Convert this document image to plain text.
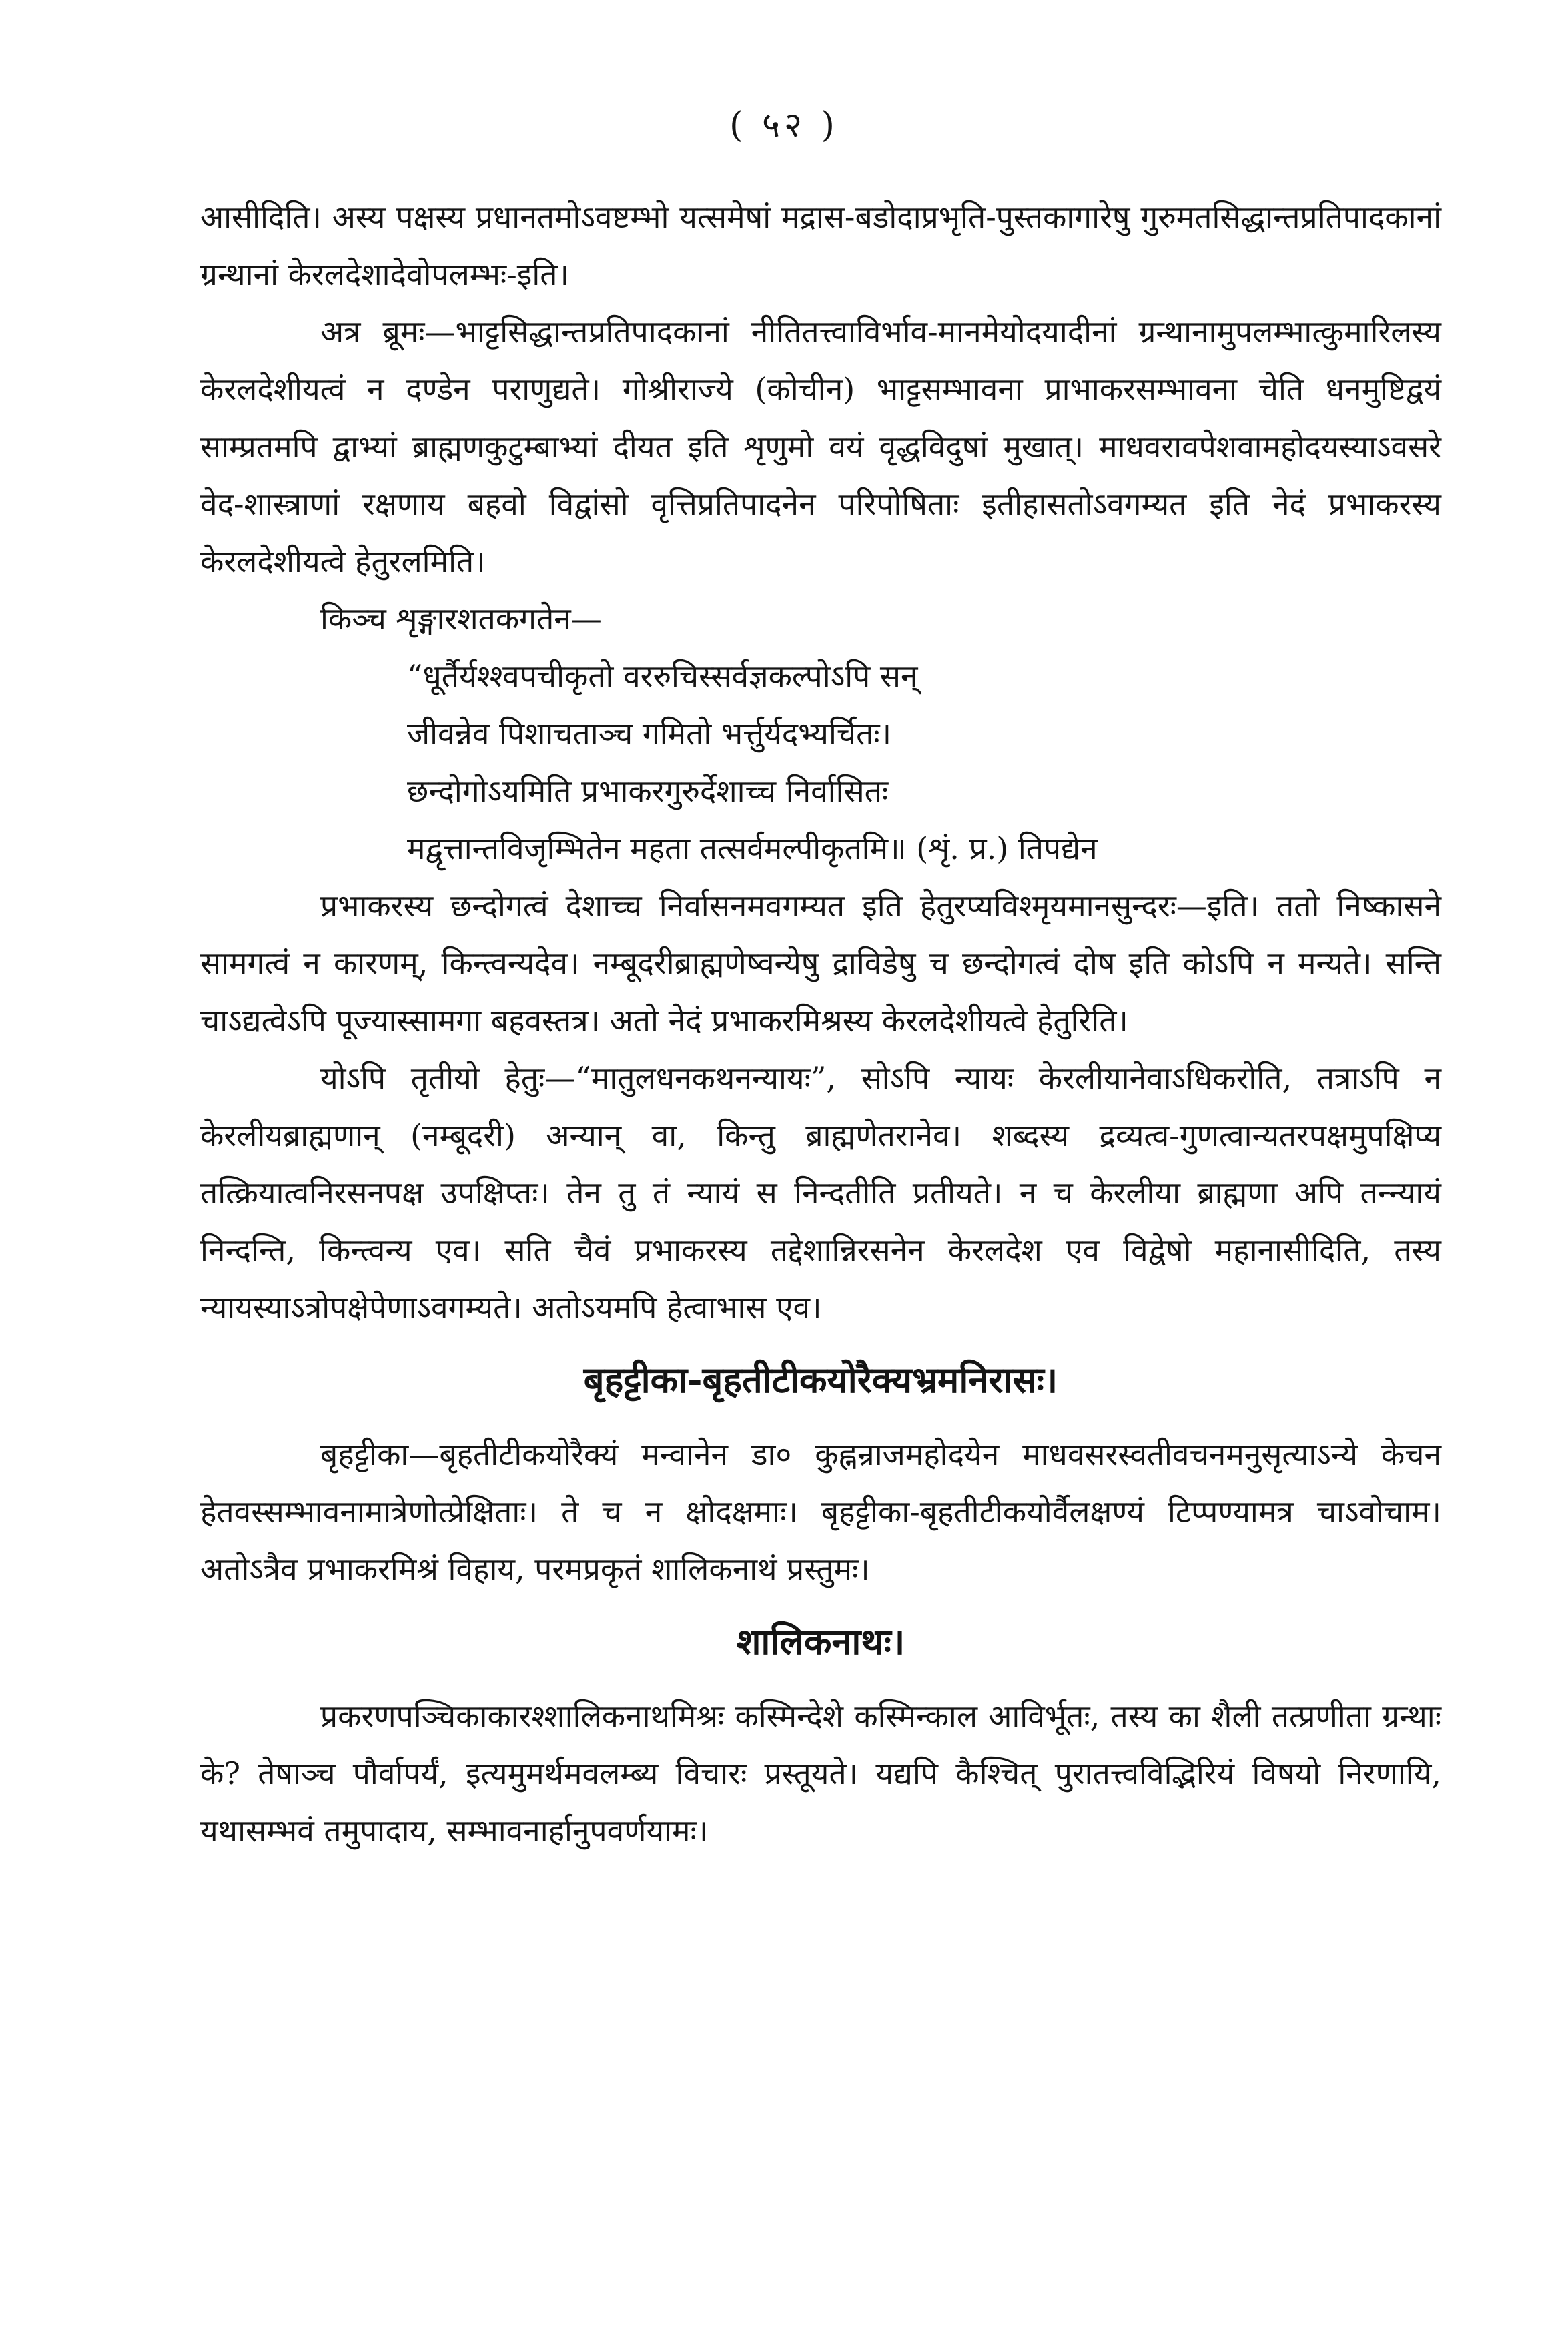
( ५२ )

आसीदिति। अस्य पक्षस्य प्रधानतमोऽवष्टम्भो यत्समेषां मद्रास-बडोदाप्रभृति-पुस्तकागारेषु गुरुमतसिद्धान्तप्रतिपादकानां ग्रन्थानां केरलदेशादेवोपलम्भः-इति।

अत्र ब्रूमः—भाट्टसिद्धान्तप्रतिपादकानां नीतितत्त्वाविर्भाव-मानमेयोदयादीनां ग्रन्थानामुपलम्भात्कुमारिलस्य केरलदेशीयत्वं न दण्डेन पराणुद्यते। गोश्रीराज्ये (कोचीन) भाट्टसम्भावना प्राभाकरसम्भावना चेति धनमुष्टिद्वयं साम्प्रतमपि द्वाभ्यां ब्राह्मणकुटुम्बाभ्यां दीयत इति शृणुमो वयं वृद्धविदुषां मुखात्। माधवरावपेशवामहोदयस्याऽवसरे वेद-शास्त्राणां रक्षणाय बहवो विद्वांसो वृत्तिप्रतिपादनेन परिपोषिताः इतीहासतोऽवगम्यत इति नेदं प्रभाकरस्य केरलदेशीयत्वे हेतुरलमिति।

किञ्च शृङ्गारशतकगतेन—

“धूर्तैर्यश्श्वपचीकृतो वररुचिस्सर्वज्ञकल्पोऽपि सन्

जीवन्नेव पिशाचताञ्च गमितो भर्त्तुर्यदभ्यर्चितः।

छन्दोगोऽयमिति प्रभाकरगुरुर्देशाच्च निर्वासितः

मद्वृत्तान्तविजृम्भितेन महता तत्सर्वमल्पीकृतमि॥ (शृं. प्र.) तिपद्येन

प्रभाकरस्य छन्दोगत्वं देशाच्च निर्वासनमवगम्यत इति हेतुरप्यविश्मृयमानसुन्दरः—इति। ततो निष्कासने सामगत्वं न कारणम्, किन्त्वन्यदेव। नम्बूदरीब्राह्मणेष्वन्येषु द्राविडेषु च छन्दोगत्वं दोष इति कोऽपि न मन्यते। सन्ति चाऽद्यत्वेऽपि पूज्यास्सामगा बहवस्तत्र। अतो नेदं प्रभाकरमिश्रस्य केरलदेशीयत्वे हेतुरिति।

योऽपि तृतीयो हेतुः—“मातुलधनकथनन्यायः”, सोऽपि न्यायः केरलीयानेवाऽधिकरोति, तत्राऽपि न केरलीयब्राह्मणान् (नम्बूदरी) अन्यान् वा, किन्तु ब्राह्मणेतरानेव। शब्दस्य द्रव्यत्व-गुणत्वान्यतरपक्षमुपक्षिप्य तत्क्रियात्वनिरसनपक्ष उपक्षिप्तः। तेन तु तं न्यायं स निन्दतीति प्रतीयते। न च केरलीया ब्राह्मणा अपि तन्न्यायं निन्दन्ति, किन्त्वन्य एव। सति चैवं प्रभाकरस्य तद्देशान्निरसनेन केरलदेश एव विद्वेषो महानासीदिति, तस्य न्यायस्याऽत्रोपक्षेपेणाऽवगम्यते। अतोऽयमपि हेत्वाभास एव।

बृहट्टीका-बृहतीटीकयोरैक्यभ्रमनिरासः।

बृहट्टीका—बृहतीटीकयोरैक्यं मन्वानेन डा० कुह्नन्राजमहोदयेन माधवसरस्वतीवचनमनुसृत्याऽन्ये केचन हेतवस्सम्भावनामात्रेणोत्प्रेक्षिताः। ते च न क्षोदक्षमाः। बृहट्टीका-बृहतीटीकयोर्वैलक्षण्यं टिप्पण्यामत्र चाऽवोचाम। अतोऽत्रैव प्रभाकरमिश्रं विहाय, परमप्रकृतं शालिकनाथं प्रस्तुमः।

शालिकनाथः।

प्रकरणपञ्चिकाकारश्शालिकनाथमिश्रः कस्मिन्देशे कस्मिन्काल आविर्भूतः, तस्य का शैली तत्प्रणीता ग्रन्थाः के? तेषाञ्च पौर्वापर्यं, इत्यमुमर्थमवलम्ब्य विचारः प्रस्तूयते। यद्यपि कैश्चित् पुरातत्त्वविद्भिरियं विषयो निरणायि, यथासम्भवं तमुपादाय, सम्भावनार्हानुपवर्णयामः।
